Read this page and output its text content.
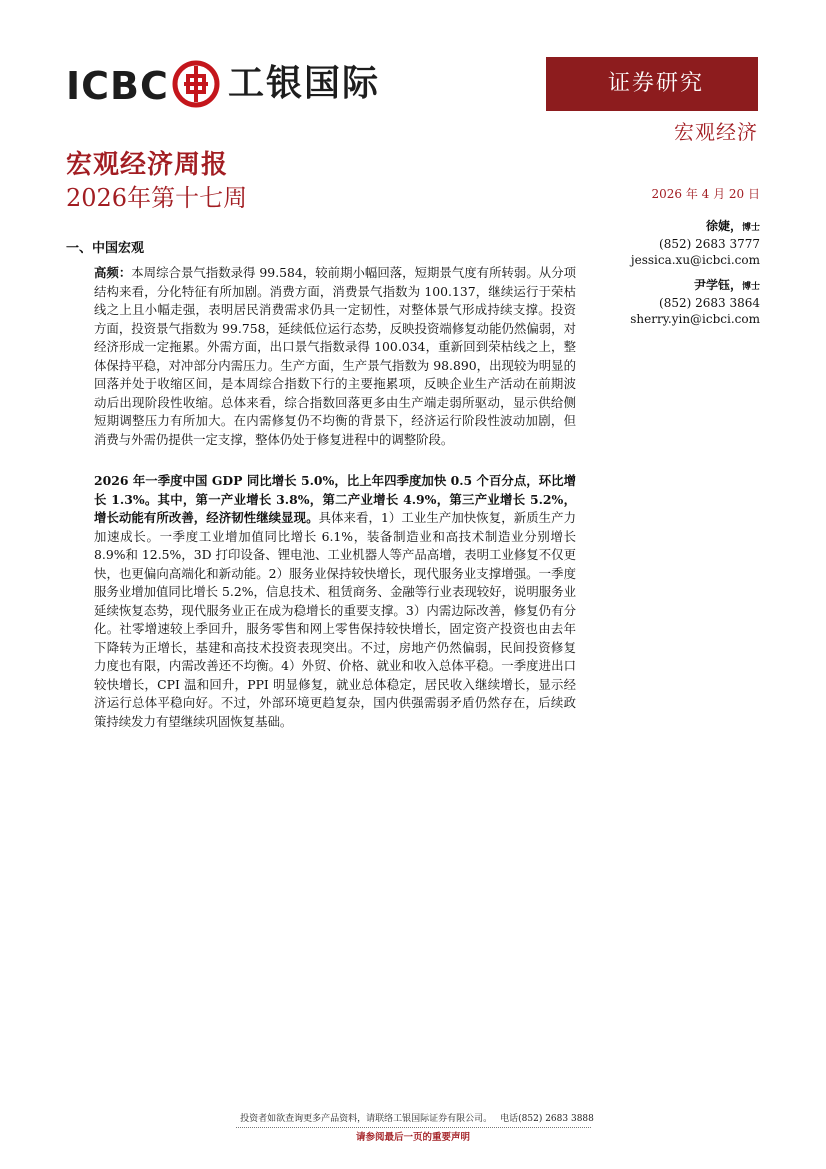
ICBC 工银国际	证券研究
宏观经济
宏观经济周报
2026年第十七周	2026 年 4 月 20 日
徐婕，博士
(852) 2683 3777
jessica.xu@icbci.com
尹学钰，博士
(852) 2683 3864
sherry.yin@icbci.com
一、中国宏观

高频：本周综合景气指数录得 99.584，较前期小幅回落，短期景气度有所转弱。从分项结构来看，分化特征有所加剧。消费方面，消费景气指数为 100.137，继续运行于荣枯线之上且小幅走强，表明居民消费需求仍具一定韧性，对整体景气形成持续支撑。投资方面，投资景气指数为 99.758，延续低位运行态势，反映投资端修复动能仍然偏弱，对经济形成一定拖累。外需方面，出口景气指数录得 100.034，重新回到荣枯线之上，整体保持平稳，对冲部分内需压力。生产方面，生产景气指数为 98.890，出现较为明显的回落并处于收缩区间，是本周综合指数下行的主要拖累项，反映企业生产活动在前期波动后出现阶段性收缩。总体来看，综合指数回落更多由生产端走弱所驱动，显示供给侧短期调整压力有所加大。在内需修复仍不均衡的背景下，经济运行阶段性波动加剧，但消费与外需仍提供一定支撑，整体仍处于修复进程中的调整阶段。

2026 年一季度中国 GDP 同比增长 5.0%，比上年四季度加快 0.5 个百分点，环比增长 1.3%。其中，第一产业增长 3.8%，第二产业增长 4.9%，第三产业增长 5.2%，增长动能有所改善，经济韧性继续显现。具体来看，1）工业生产加快恢复，新质生产力加速成长。一季度工业增加值同比增长 6.1%，装备制造业和高技术制造业分别增长 8.9%和 12.5%，3D 打印设备、锂电池、工业机器人等产品高增，表明工业修复不仅更快，也更偏向高端化和新动能。2）服务业保持较快增长，现代服务业支撑增强。一季度服务业增加值同比增长 5.2%，信息技术、租赁商务、金融等行业表现较好，说明服务业延续恢复态势，现代服务业正在成为稳增长的重要支撑。3）内需边际改善，修复仍有分化。社零增速较上季回升，服务零售和网上零售保持较快增长，固定资产投资也由去年下降转为正增长，基建和高技术投资表现突出。不过，房地产仍然偏弱，民间投资修复力度也有限，内需改善还不均衡。4）外贸、价格、就业和收入总体平稳。一季度进出口较快增长，CPI 温和回升，PPI 明显修复，就业总体稳定，居民收入继续增长，显示经济运行总体平稳向好。不过，外部环境更趋复杂，国内供强需弱矛盾仍然存在，后续政策持续发力有望继续巩固恢复基础。

投资者如欲查询更多产品资料，请联络工银国际证券有限公司。 电话(852) 2683 3888
请参阅最后一页的重要声明
